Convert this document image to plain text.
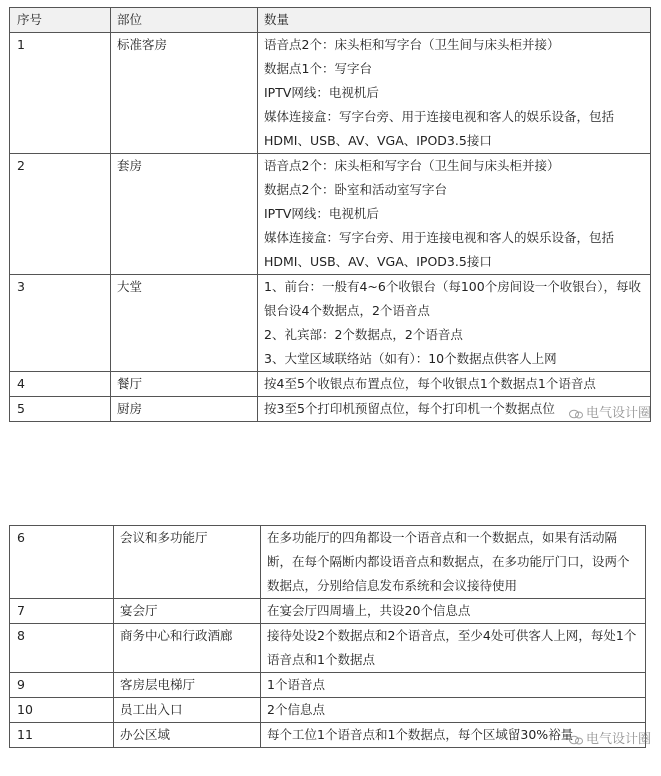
序号	部位	数量
1	标准客房	语音点2个：床头柜和写字台（卫生间与床头柜并接）
数据点1个：写字台
IPTV网线：电视机后
媒体连接盒：写字台旁、用于连接电视和客人的娱乐设备，包括HDMI、USB、AV、VGA、IPOD3.5接口

2	套房	语音点2个：床头柜和写字台（卫生间与床头柜并接）
数据点2个：卧室和活动室写字台
IPTV网线：电视机后
媒体连接盒：写字台旁、用于连接电视和客人的娱乐设备，包括HDMI、USB、AV、VGA、IPOD3.5接口

3	大堂	1、前台：一般有4~6个收银台（每100个房间设一个收银台），每收银台设4个数据点，2个语音点
2、礼宾部：2个数据点，2个语音点
3、大堂区域联络站（如有）：10个数据点供客人上网

4	餐厅	按4至5个收银点布置点位，每个收银点1个数据点1个语音点
5	厨房	按3至5个打印机预留点位，每个打印机一个数据点位	电气设计圈
6	会议和多功能厅	在多功能厅的四角都设一个语音点和一个数据点，如果有活动隔断，在每个隔断内都设语音点和数据点，在多功能厅门口，设两个数据点，分别给信息发布系统和会议接待使用
7	宴会厅	在宴会厅四周墙上，共设20个信息点
8	商务中心和行政酒廊	接待处设2个数据点和2个语音点，至少4处可供客人上网，每处1个语音点和1个数据点
9	客房层电梯厅	1个语音点
10	员工出入口	2个信息点
11	办公区域	每个工位1个语音点和1个数据点，每个区域留30%裕量 电气设计圈
